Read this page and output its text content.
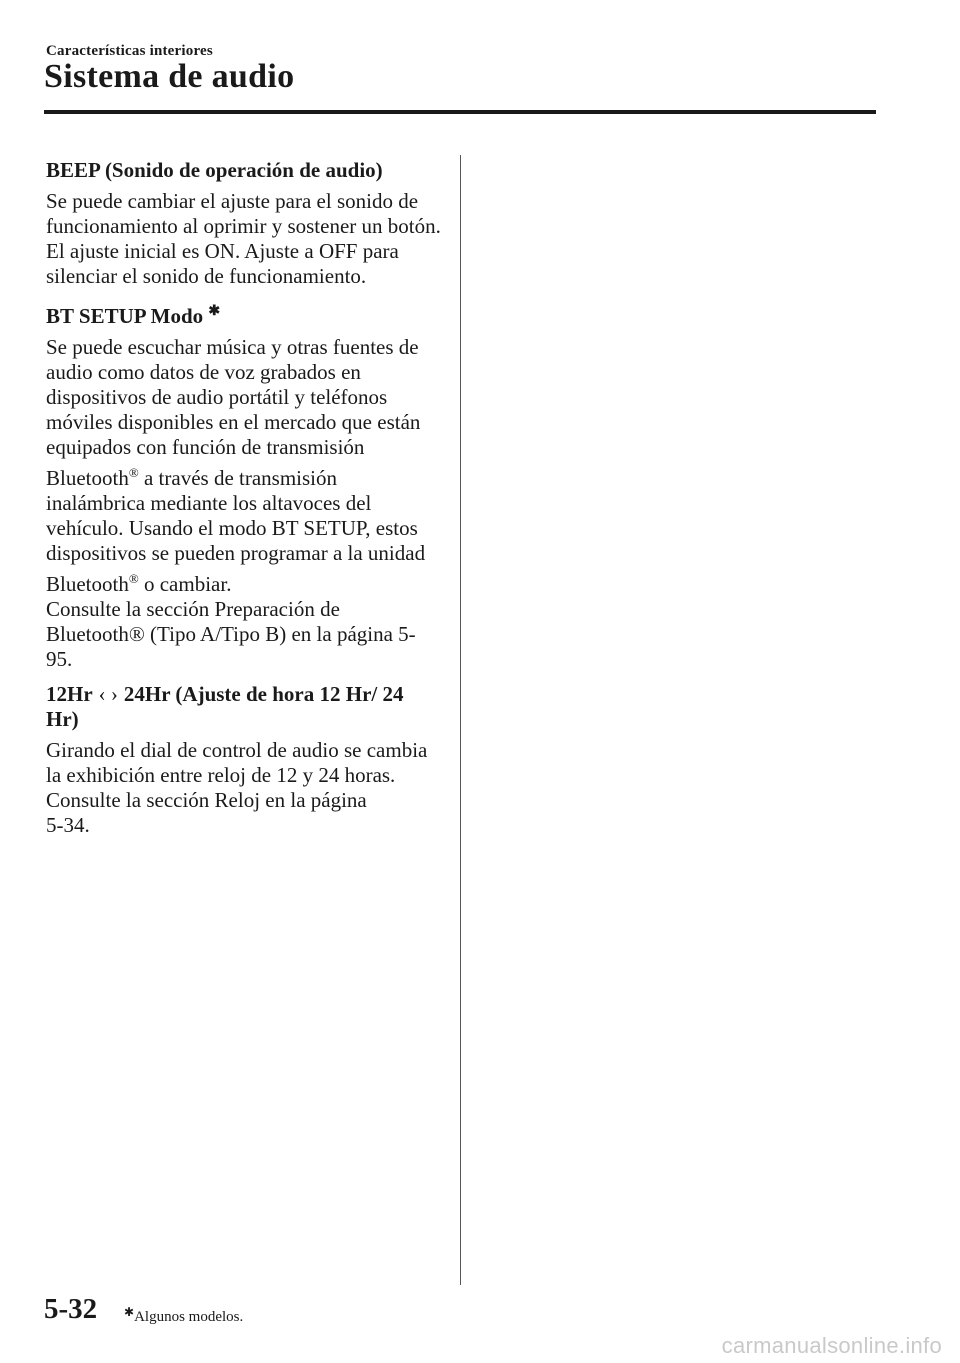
Características interiores
Sistema de audio
BEEP (Sonido de operación de audio)

Se puede cambiar el ajuste para el sonido de funcionamiento al oprimir y sostener un botón. El ajuste inicial es ON. Ajuste a OFF para silenciar el sonido de funcionamiento.

BT SETUP Modo ✱

Se puede escuchar música y otras fuentes de audio como datos de voz grabados en dispositivos de audio portátil y teléfonos móviles disponibles en el mercado que están equipados con función de transmisión Bluetooth® a través de transmisión inalámbrica mediante los altavoces del vehículo. Usando el modo BT SETUP, estos dispositivos se pueden programar a la unidad Bluetooth® o cambiar.

Consulte la sección Preparación de
Bluetooth® (Tipo A/Tipo B) en la página 5-95.

12Hr ‹ › 24Hr (Ajuste de hora 12 Hr/ 24 Hr)

Girando el dial de control de audio se cambia la exhibición entre reloj de 12 y 24 horas.

Consulte la sección Reloj en la página
5-34.

5-32 ✱Algunos modelos.
carmanualsonline.info
